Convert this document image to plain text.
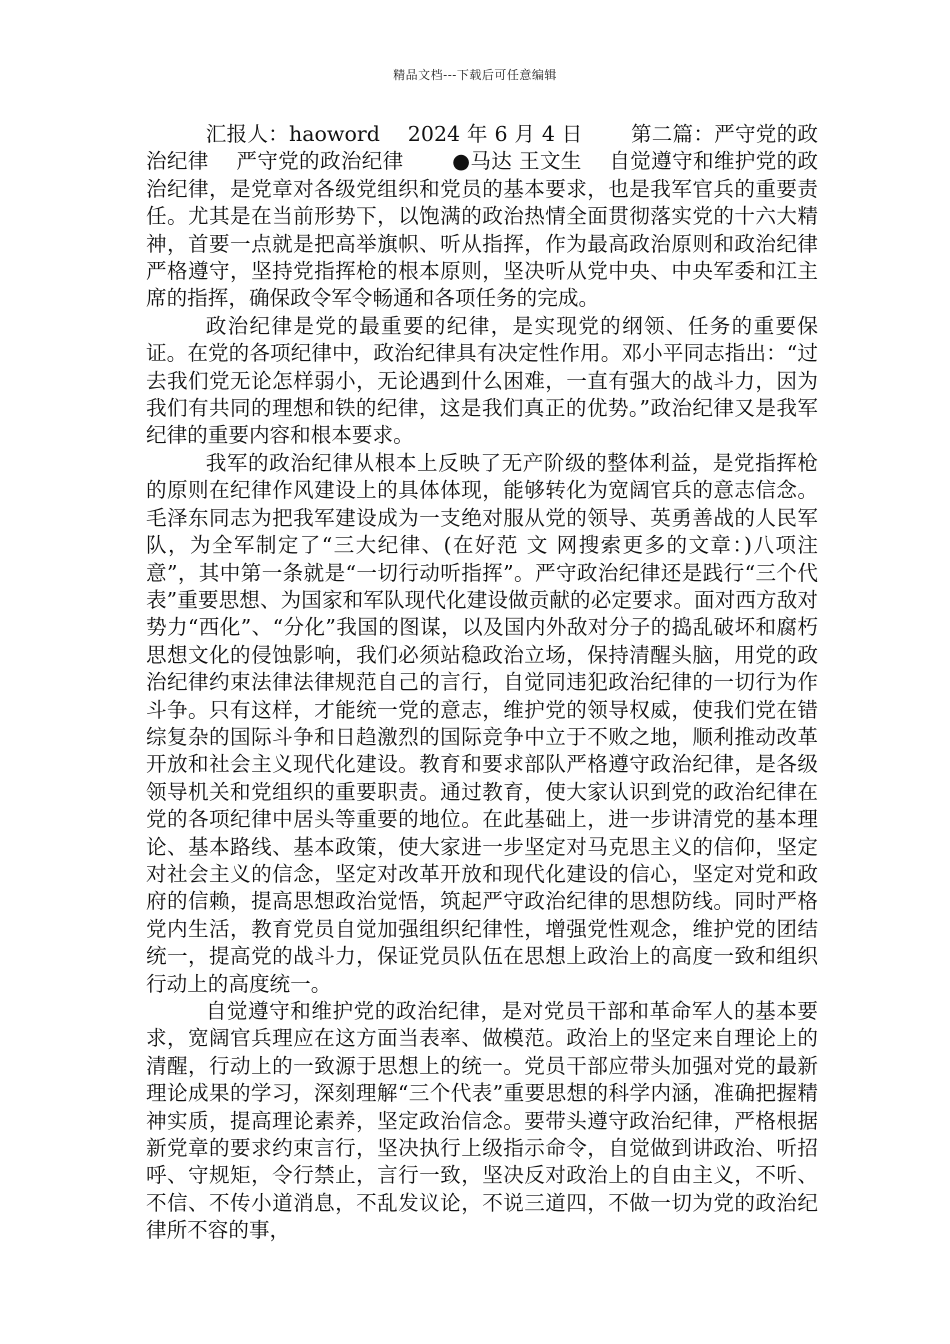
精品文档---下载后可任意编辑

汇报人：haoword　 2024 年 6 月 4 日　　 第二篇：严守党的政治纪律　 严守党的政治纪律　　 ●马达 王文生　 自觉遵守和维护党的政治纪律，是党章对各级党组织和党员的基本要求，也是我军官兵的重要责任。尤其是在当前形势下，以饱满的政治热情全面贯彻落实党的十六大精神，首要一点就是把高举旗帜、听从指挥，作为最高政治原则和政治纪律严格遵守，坚持党指挥枪的根本原则，坚决听从党中央、中央军委和江主席的指挥，确保政令军令畅通和各项任务的完成。

政治纪律是党的最重要的纪律，是实现党的纲领、任务的重要保证。在党的各项纪律中，政治纪律具有决定性作用。邓小平同志指出：“过去我们党无论怎样弱小，无论遇到什么困难，一直有强大的战斗力，因为我们有共同的理想和铁的纪律，这是我们真正的优势。”政治纪律又是我军纪律的重要内容和根本要求。

我军的政治纪律从根本上反映了无产阶级的整体利益，是党指挥枪的原则在纪律作风建设上的具体体现，能够转化为宽阔官兵的意志信念。毛泽东同志为把我军建设成为一支绝对服从党的领导、英勇善战的人民军队，为全军制定了“三大纪律、(在好范 文 网搜索更多的文章：)八项注意”，其中第一条就是“一切行动听指挥”。严守政治纪律还是践行“三个代表”重要思想、为国家和军队现代化建设做贡献的必定要求。面对西方敌对势力“西化”、“分化”我国的图谋，以及国内外敌对分子的捣乱破坏和腐朽思想文化的侵蚀影响，我们必须站稳政治立场，保持清醒头脑，用党的政治纪律约束法律法律规范自己的言行，自觉同违犯政治纪律的一切行为作斗争。只有这样，才能统一党的意志，维护党的领导权威，使我们党在错综复杂的国际斗争和日趋激烈的国际竞争中立于不败之地，顺利推动改革开放和社会主义现代化建设。教育和要求部队严格遵守政治纪律，是各级领导机关和党组织的重要职责。通过教育，使大家认识到党的政治纪律在党的各项纪律中居头等重要的地位。在此基础上，进一步讲清党的基本理论、基本路线、基本政策，使大家进一步坚定对马克思主义的信仰，坚定对社会主义的信念，坚定对改革开放和现代化建设的信心，坚定对党和政府的信赖，提高思想政治觉悟，筑起严守政治纪律的思想防线。同时严格党内生活，教育党员自觉加强组织纪律性，增强党性观念，维护党的团结统一，提高党的战斗力，保证党员队伍在思想上政治上的高度一致和组织行动上的高度统一。

自觉遵守和维护党的政治纪律，是对党员干部和革命军人的基本要求，宽阔官兵理应在这方面当表率、做模范。政治上的坚定来自理论上的清醒，行动上的一致源于思想上的统一。党员干部应带头加强对党的最新理论成果的学习，深刻理解“三个代表”重要思想的科学内涵，准确把握精神实质，提高理论素养，坚定政治信念。要带头遵守政治纪律，严格根据新党章的要求约束言行，坚决执行上级指示命令，自觉做到讲政治、听招呼、守规矩，令行禁止，言行一致，坚决反对政治上的自由主义，不听、不信、不传小道消息，不乱发议论，不说三道四，不做一切为党的政治纪律所不容的事，
